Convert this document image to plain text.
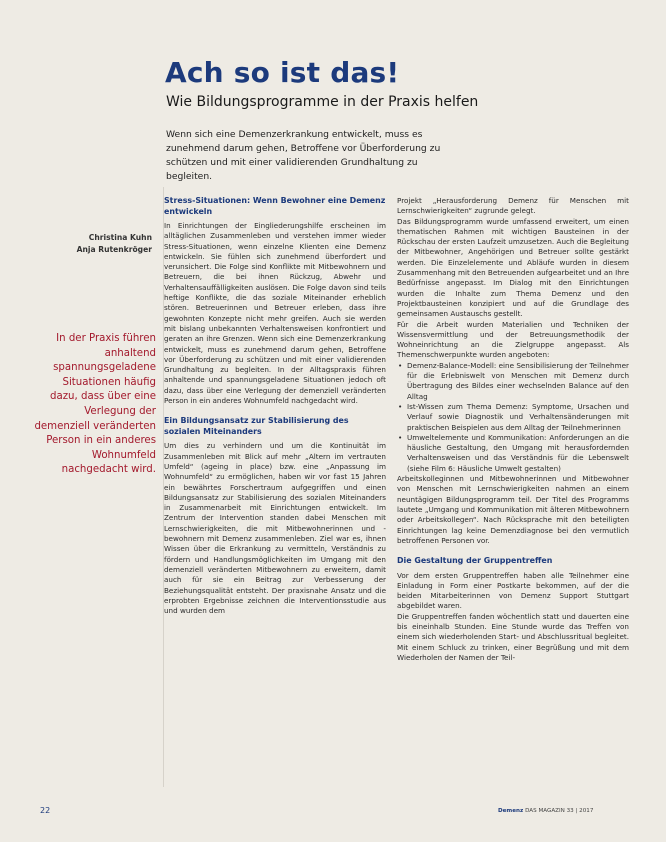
Ach so ist das!
Wie Bildungsprogramme in der Praxis helfen
Wenn sich eine Demenzerkrankung entwickelt, muss es zunehmend darum gehen, Betroffene vor Überforderung zu schützen und mit einer validierenden Grundhaltung zu begleiten.
Christina Kuhn
Anja Rutenkröger
In der Praxis führen anhaltend spannungsgeladene Situationen häufig dazu, dass über eine Verlegung der demenziell veränderten Person in ein anderes Wohnumfeld nachgedacht wird.
Stress-Situationen: Wenn Bewohner eine Demenz entwickeln

In Einrichtungen der Eingliederungshilfe erscheinen im alltäglichen Zusammenleben und verstehen immer wieder Stress-Situationen, wenn einzelne Klienten eine Demenz entwickeln. Sie fühlen sich zunehmend überfordert und verunsichert. Die Folge sind Konflikte mit Mitbewohnern und Betreuern, die bei ihnen Rückzug, Abwehr und Verhaltensauffälligkeiten auslösen. Die Folge davon sind teils heftige Konflikte, die das soziale Miteinander erheblich stören. Betreuerinnen und Betreuer erleben, dass ihre gewohnten Konzepte nicht mehr greifen. Auch sie werden mit bislang unbekannten Verhaltensweisen konfrontiert und geraten an ihre Grenzen. Wenn sich eine Demenzerkrankung entwickelt, muss es zunehmend darum gehen, Betroffene vor Überforderung zu schützen und mit einer validierenden Grundhaltung zu begleiten. In der Alltagspraxis führen anhaltende und spannungsgeladene Situationen jedoch oft dazu, dass über eine Verlegung der demenziell veränderten Person in ein anderes Wohnumfeld nachgedacht wird.

Ein Bildungsansatz zur Stabilisierung des sozialen Miteinanders

Um dies zu verhindern und um die Kontinuität im Zusammenleben mit Blick auf mehr „Altern im vertrauten Umfeld“ (ageing in place) bzw. eine „Anpassung im Wohnumfeld“ zu ermöglichen, haben wir vor fast 15 Jahren ein bewährtes Forschertraum aufgegriffen und einen Bildungsansatz zur Stabilisierung des sozialen Miteinanders in Zusammenarbeit mit Einrichtungen entwickelt. Im Zentrum der Intervention standen dabei Menschen mit Lernschwierigkeiten, die mit Mitbewohnerinnen und -bewohnern mit Demenz zusammenleben. Ziel war es, ihnen Wissen über die Erkrankung zu vermitteln, Verständnis zu fördern und Handlungsmöglichkeiten im Umgang mit den demenziell veränderten Mitbewohnern zu erweitern, damit auch für sie ein Beitrag zur Verbesserung der Beziehungsqualität entsteht. Der praxisnahe Ansatz und die erprobten Ergebnisse zeichnen die Interventionsstudie aus und wurden dem

Projekt „Herausforderung Demenz für Menschen mit Lernschwierigkeiten“ zugrunde gelegt.

Das Bildungsprogramm wurde umfassend erweitert, um einen thematischen Rahmen mit wichtigen Bausteinen in der Rückschau der ersten Laufzeit umzusetzen. Auch die Begleitung der Mitbewohner, Angehörigen und Betreuer sollte gestärkt werden. Die Einzelelemente und Abläufe wurden in diesem Zusammenhang mit den Betreuenden aufgearbeitet und an Ihre Bedürfnisse angepasst. Im Dialog mit den Einrichtungen wurden die Inhalte zum Thema Demenz und den Projektbausteinen konzipiert und auf die Grundlage des gemeinsamen Austauschs gestellt.

Für die Arbeit wurden Materialien und Techniken der Wissensvermittlung und der Betreuungsmethodik der Wohneinrichtung an die Zielgruppe angepasst. Als Themenschwerpunkte wurden angeboten:

• Demenz-Balance-Modell: eine Sensibilisierung der Teilnehmer für die Erlebniswelt von Menschen mit Demenz durch Übertragung des Bildes einer wechselnden Balance auf den Alltag
• Ist-Wissen zum Thema Demenz: Symptome, Ursachen und Verlauf sowie Diagnostik und Verhaltensänderungen mit praktischen Beispielen aus dem Alltag der Teilnehmerinnen
• Umweltelemente und Kommunikation: Anforderungen an die häusliche Gestaltung, den Umgang mit herausfordernden Verhaltensweisen und das Verständnis für die Lebenswelt (siehe Film 6: Häusliche Umwelt gestalten)

Arbeitskolleginnen und Mitbewohnerinnen und Mitbewohner von Menschen mit Lernschwierigkeiten nahmen an einem neuntägigen Bildungsprogramm teil. Der Titel des Programms lautete „Umgang und Kommunikation mit älteren Mitbewohnern oder Arbeitskollegen“. Nach Rücksprache mit den beteiligten Einrichtungen lag keine Demenzdiagnose bei den vermutlich betroffenen Personen vor.

Die Gestaltung der Gruppentreffen

Vor dem ersten Gruppentreffen haben alle Teilnehmer eine Einladung in Form einer Postkarte bekommen, auf der die beiden Mitarbeiterinnen von Demenz Support Stuttgart abgebildet waren.

Die Gruppentreffen fanden wöchentlich statt und dauerten eine bis eineinhalb Stunden. Eine Stunde wurde das Treffen von einem sich wiederholenden Start- und Abschlussritual begleitet. Mit einem Schluck zu trinken, einer Begrüßung und mit dem Wiederholen der Namen der Teil-

22	Demenz DAS MAGAZIN 33 | 2017
